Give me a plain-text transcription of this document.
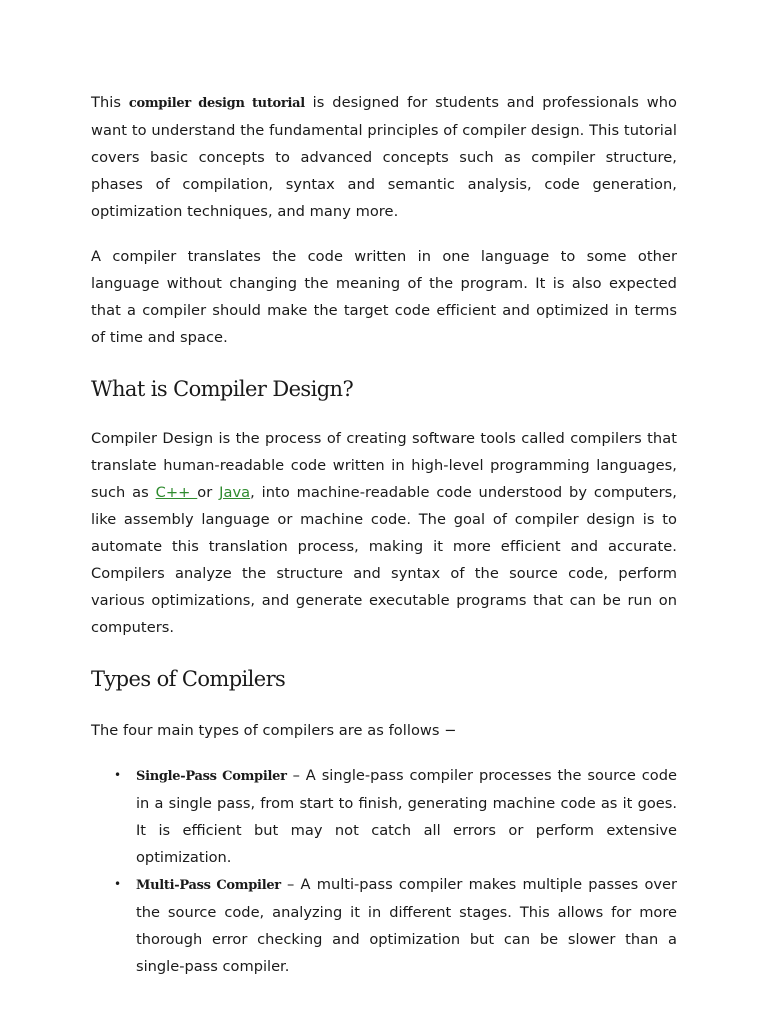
This compiler design tutorial is designed for students and professionals who want to understand the fundamental principles of compiler design. This tutorial covers basic concepts to advanced concepts such as compiler structure, phases of compilation, syntax and semantic analysis, code generation, optimization techniques, and many more.

A compiler translates the code written in one language to some other language without changing the meaning of the program. It is also expected that a compiler should make the target code efficient and optimized in terms of time and space.

What is Compiler Design?

Compiler Design is the process of creating software tools called compilers that translate human-readable code written in high-level programming languages, such as C++ or Java, into machine-readable code understood by computers, like assembly language or machine code. The goal of compiler design is to automate this translation process, making it more efficient and accurate. Compilers analyze the structure and syntax of the source code, perform various optimizations, and generate executable programs that can be run on computers.

Types of Compilers

The four main types of compilers are as follows −

• Single-Pass Compiler – A single-pass compiler processes the source code in a single pass, from start to finish, generating machine code as it goes. It is efficient but may not catch all errors or perform extensive optimization.
• Multi-Pass Compiler – A multi-pass compiler makes multiple passes over the source code, analyzing it in different stages. This allows for more thorough error checking and optimization but can be slower than a single-pass compiler.
